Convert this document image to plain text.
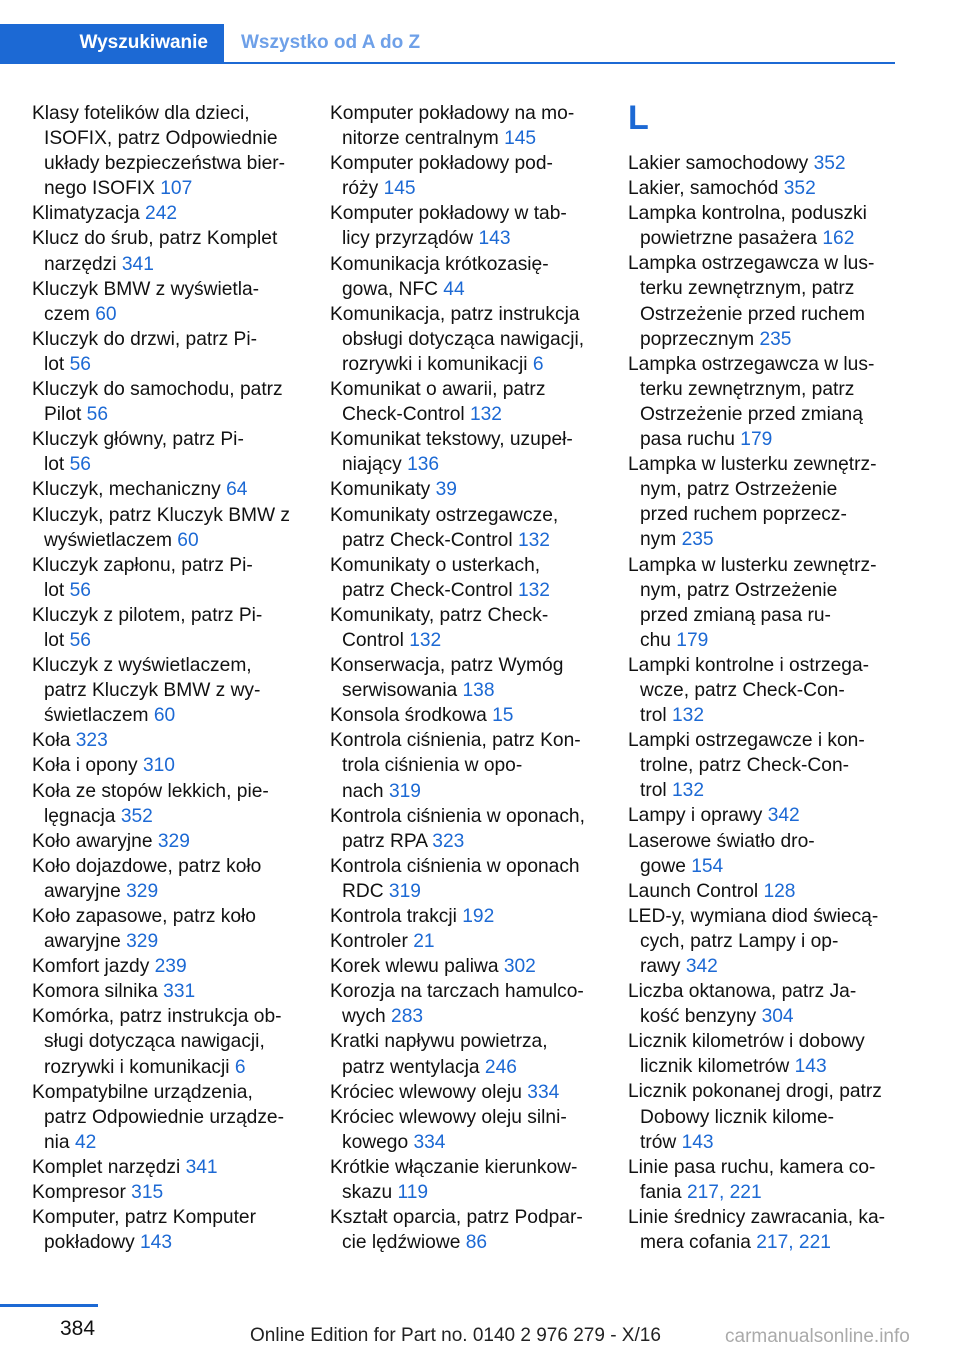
Wyszukiwanie	Wszystko od A do Z
Klasy fotelików dla dzieci,
ISOFIX, patrz Odpowiednie
układy bezpieczeństwa bier‐
nego ISOFIX 107
Klimatyzacja 242
Klucz do śrub, patrz Komplet
narzędzi 341
Kluczyk BMW z wyświetla‐
czem 60
Kluczyk do drzwi, patrz Pi‐
lot 56
Kluczyk do samochodu, patrz
Pilot 56
Kluczyk główny, patrz Pi‐
lot 56
Kluczyk, mechaniczny 64
Kluczyk, patrz Kluczyk BMW z
wyświetlaczem 60
Kluczyk zapłonu, patrz Pi‐
lot 56
Kluczyk z pilotem, patrz Pi‐
lot 56
Kluczyk z wyświetlaczem,
patrz Kluczyk BMW z wy‐
świetlaczem 60
Koła 323
Koła i opony 310
Koła ze stopów lekkich, pie‐
lęgnacja 352
Koło awaryjne 329
Koło dojazdowe, patrz koło
awaryjne 329
Koło zapasowe, patrz koło
awaryjne 329
Komfort jazdy 239
Komora silnika 331
Komórka, patrz instrukcja ob‐
sługi dotycząca nawigacji,
rozrywki i komunikacji 6
Kompatybilne urządzenia,
patrz Odpowiednie urządze‐
nia 42
Komplet narzędzi 341
Kompresor 315
Komputer, patrz Komputer
pokładowy 143
Komputer pokładowy na mo‐
nitorze centralnym 145
Komputer pokładowy pod‐
róży 145
Komputer pokładowy w tab‐
licy przyrządów 143
Komunikacja krótkozasię‐
gowa, NFC 44
Komunikacja, patrz instrukcja
obsługi dotycząca nawigacji,
rozrywki i komunikacji 6
Komunikat o awarii, patrz
Check-Control 132
Komunikat tekstowy, uzupeł‐
niający 136
Komunikaty 39
Komunikaty ostrzegawcze,
patrz Check-Control 132
Komunikaty o usterkach,
patrz Check-Control 132
Komunikaty, patrz Check-
Control 132
Konserwacja, patrz Wymóg
serwisowania 138
Konsola środkowa 15
Kontrola ciśnienia, patrz Kon‐
trola ciśnienia w opo‐
nach 319
Kontrola ciśnienia w oponach,
patrz RPA 323
Kontrola ciśnienia w oponach
RDC 319
Kontrola trakcji 192
Kontroler 21
Korek wlewu paliwa 302
Korozja na tarczach hamulco‐
wych 283
Kratki napływu powietrza,
patrz wentylacja 246
Króciec wlewowy oleju 334
Króciec wlewowy oleju silni‐
kowego 334
Krótkie włączanie kierunkow‐
skazu 119
Kształt oparcia, patrz Podpar‐
cie lędźwiowe 86
L
Lakier samochodowy 352
Lakier, samochód 352
Lampka kontrolna, poduszki
powietrzne pasażera 162
Lampka ostrzegawcza w lus‐
terku zewnętrznym, patrz
Ostrzeżenie przed ruchem
poprzecznym 235
Lampka ostrzegawcza w lus‐
terku zewnętrznym, patrz
Ostrzeżenie przed zmianą
pasa ruchu 179
Lampka w lusterku zewnętrz‐
nym, patrz Ostrzeżenie
przed ruchem poprzecz‐
nym 235
Lampka w lusterku zewnętrz‐
nym, patrz Ostrzeżenie
przed zmianą pasa ru‐
chu 179
Lampki kontrolne i ostrzega‐
wcze, patrz Check-Con‐
trol 132
Lampki ostrzegawcze i kon‐
trolne, patrz Check-Con‐
trol 132
Lampy i oprawy 342
Laserowe światło dro‐
gowe 154
Launch Control 128
LED-y, wymiana diod świecą‐
cych, patrz Lampy i op‐
rawy 342
Liczba oktanowa, patrz Ja‐
kość benzyny 304
Licznik kilometrów i dobowy
licznik kilometrów 143
Licznik pokonanej drogi, patrz
Dobowy licznik kilome‐
trów 143
Linie pasa ruchu, kamera co‐
fania 217, 221
Linie średnicy zawracania, ka‐
mera cofania 217, 221
384	Online Edition for Part no. 0140 2 976 279 - X/16	carmanualsonline.info
